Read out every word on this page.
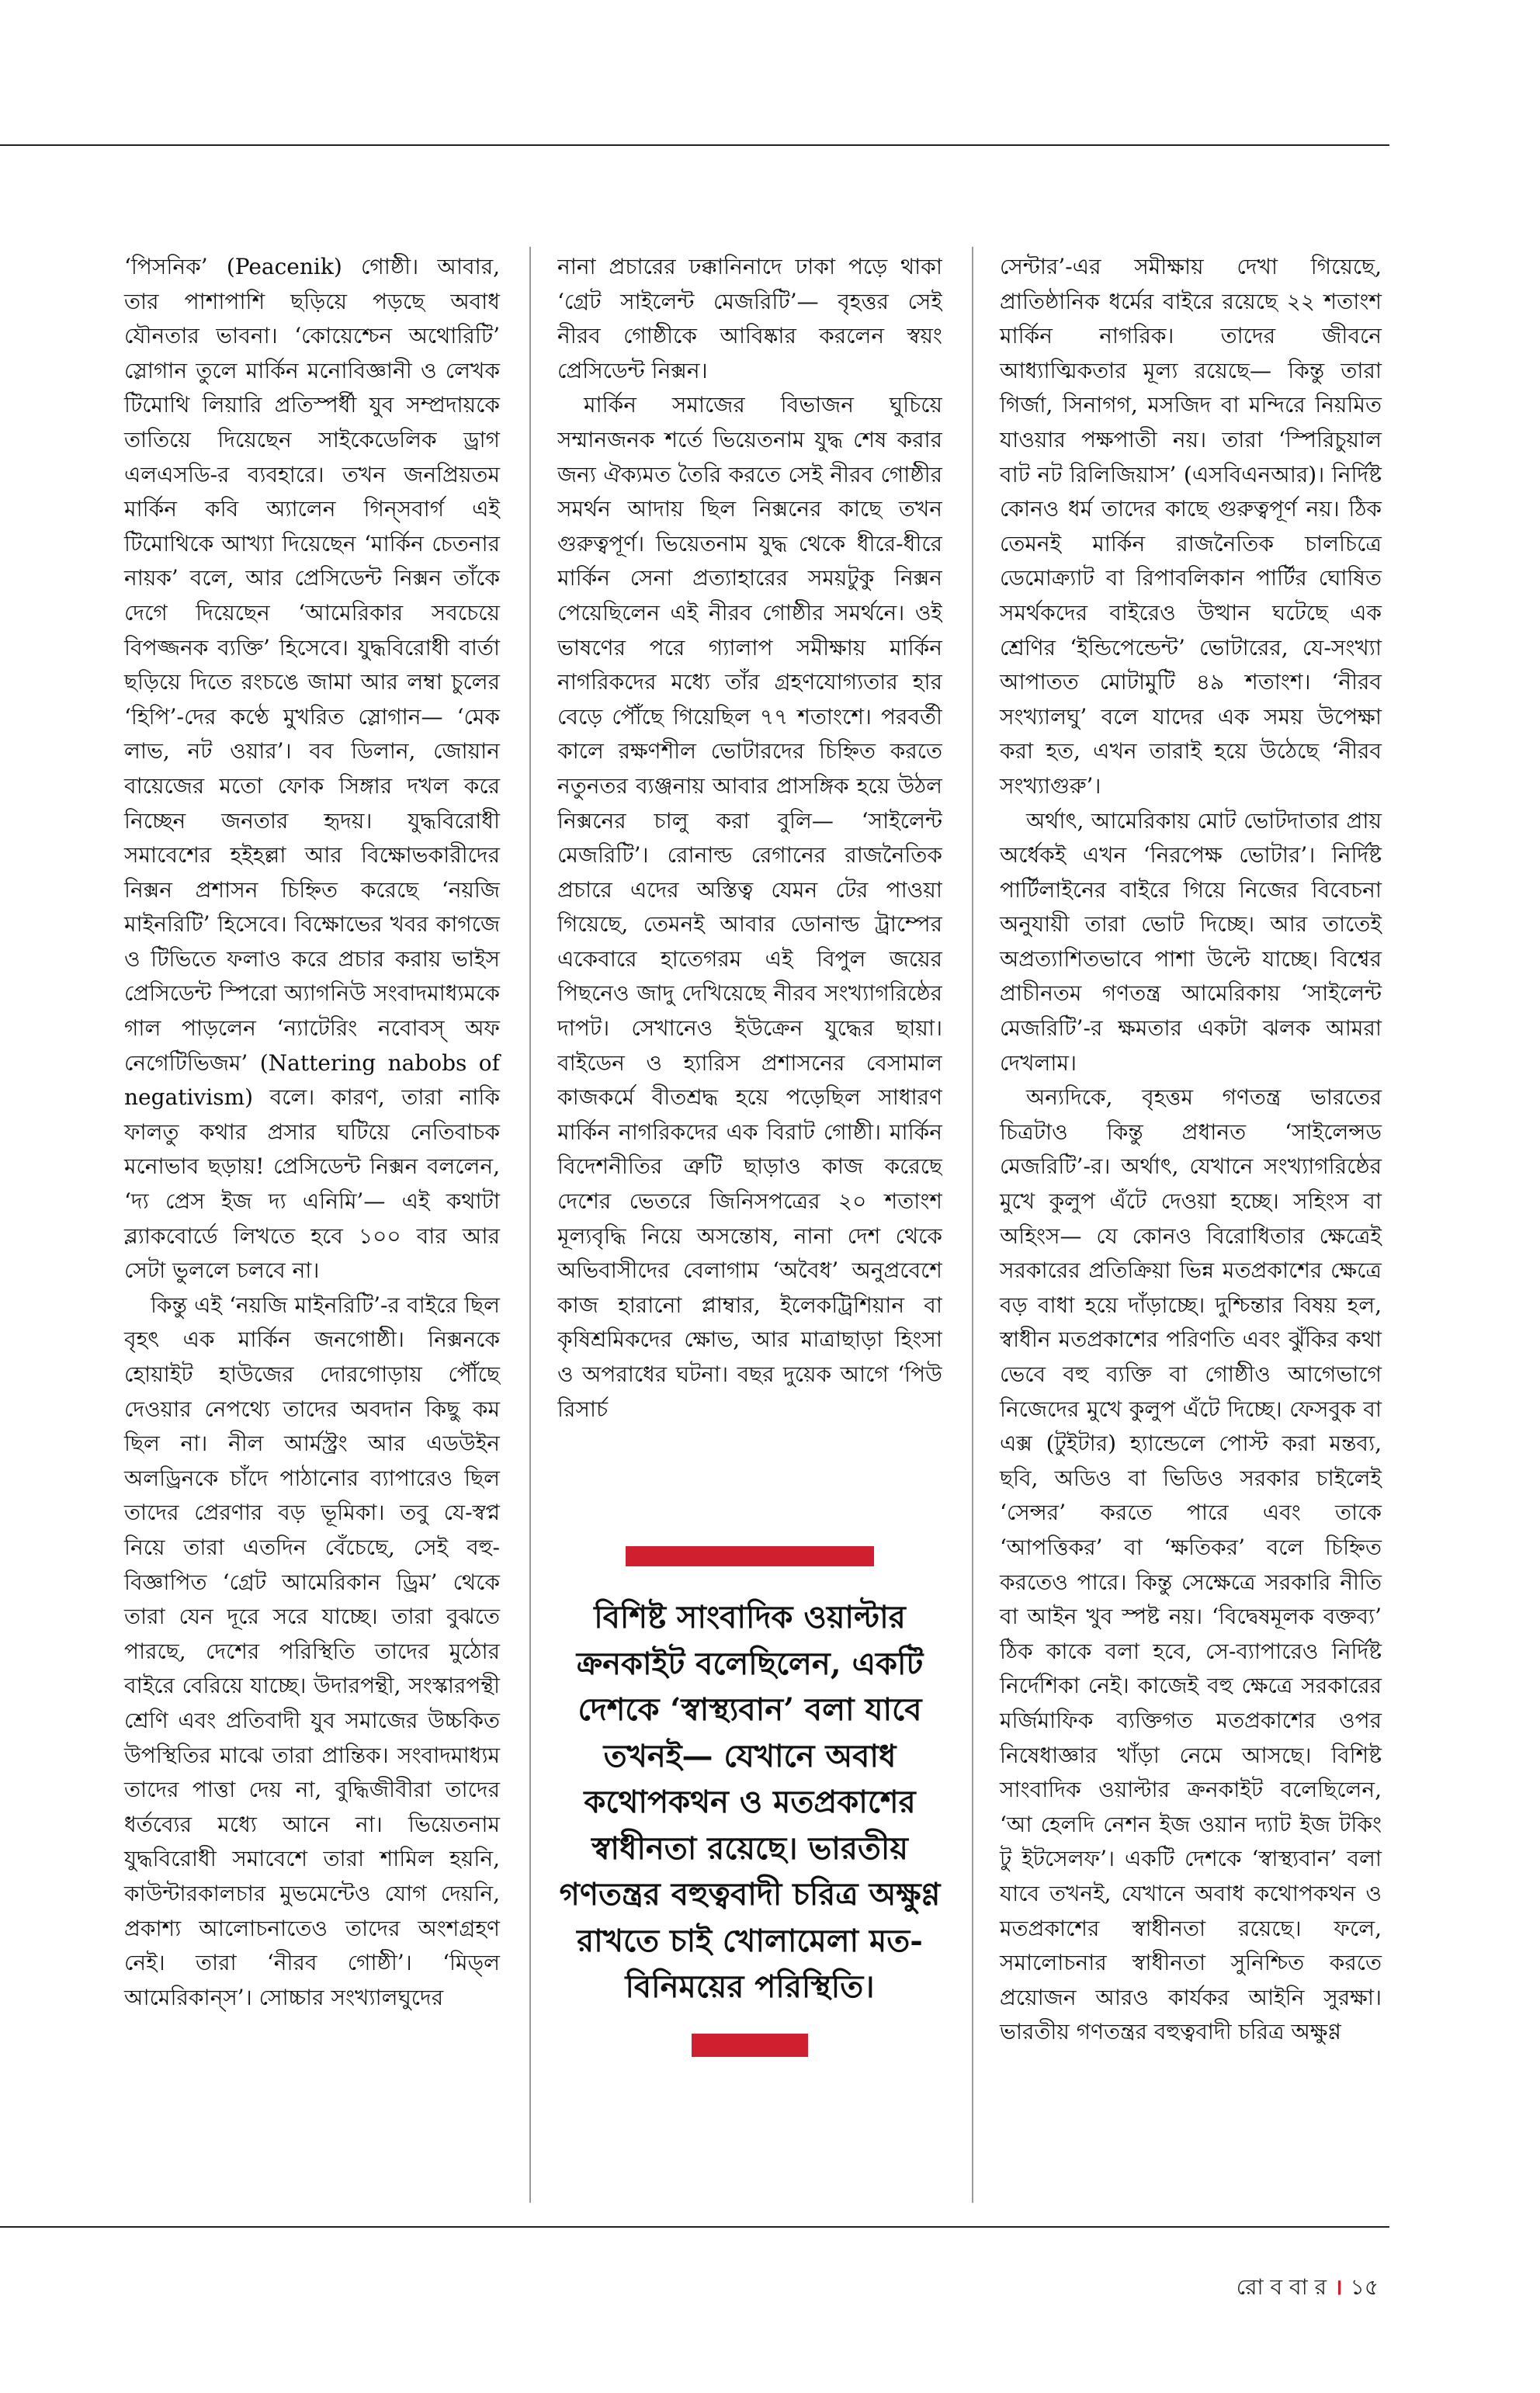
‘পিসনিক’ (Peacenik) গোষ্ঠী। আবার, তার পাশাপাশি ছড়িয়ে পড়ছে অবাধ যৌনতার ভাবনা। ‘কোয়েশ্চেন অথোরিটি’ স্লোগান তুলে মার্কিন মনোবিজ্ঞানী ও লেখক টিমোথি লিয়ারি প্রতিস্পর্ধী যুব সম্প্রদায়কে তাতিয়ে দিয়েছেন সাইকেডেলিক ড্রাগ এলএসডি-র ব্যবহারে। তখন জনপ্রিয়তম মার্কিন কবি অ্যালেন গিন্‌সবার্গ এই টিমোথিকে আখ্যা দিয়েছেন ‘মার্কিন চেতনার নায়ক’ বলে, আর প্রেসিডেন্ট নিক্সন তাঁকে দেগে দিয়েছেন ‘আমেরিকার সবচেয়ে বিপজ্জনক ব্যক্তি’ হিসেবে। যুদ্ধবিরোধী বার্তা ছড়িয়ে দিতে রংচঙে জামা আর লম্বা চুলের ‘হিপি’-দের কণ্ঠে মুখরিত স্লোগান— ‘মেক লাভ, নট ওয়ার’। বব ডিলান, জোয়ান বায়েজের মতো ফোক সিঙ্গার দখল করে নিচ্ছেন জনতার হৃদয়। যুদ্ধবিরোধী সমাবেশের হইহল্লা আর বিক্ষোভকারীদের নিক্সন প্রশাসন চিহ্নিত করেছে ‘নয়জি মাইনরিটি’ হিসেবে। বিক্ষোভের খবর কাগজে ও টিভিতে ফলাও করে প্রচার করায় ভাইস প্রেসিডেন্ট স্পিরো অ্যাগনিউ সংবাদমাধ্যমকে গাল পাড়লেন ‘ন্যাটেরিং নবোবস্ অফ নেগেটিভিজম’ (Nattering nabobs of negativism) বলে। কারণ, তারা নাকি ফালতু কথার প্রসার ঘটিয়ে নেতিবাচক মনোভাব ছড়ায়! প্রেসিডেন্ট নিক্সন বললেন, ‘দ্য প্রেস ইজ দ্য এনিমি’— এই কথাটা ব্ল্যাকবোর্ডে লিখতে হবে ১০০ বার আর সেটা ভুললে চলবে না।

কিন্তু এই ‘নয়জি মাইনরিটি’-র বাইরে ছিল বৃহৎ এক মার্কিন জনগোষ্ঠী। নিক্সনকে হোয়াইট হাউজের দোরগোড়ায় পৌঁছে দেওয়ার নেপথ্যে তাদের অবদান কিছু কম ছিল না। নীল আর্মস্ট্রং আর এডউইন অলড্রিনকে চাঁদে পাঠানোর ব্যাপারেও ছিল তাদের প্রেরণার বড় ভূমিকা। তবু যে-স্বপ্ন নিয়ে তারা এতদিন বেঁচেছে, সেই বহু-বিজ্ঞাপিত ‘গ্রেট আমেরিকান ড্রিম’ থেকে তারা যেন দূরে সরে যাচ্ছে। তারা বুঝতে পারছে, দেশের পরিস্থিতি তাদের মুঠোর বাইরে বেরিয়ে যাচ্ছে। উদারপন্থী, সংস্কারপন্থী শ্রেণি এবং প্রতিবাদী যুব সমাজের উচ্চকিত উপস্থিতির মাঝে তারা প্রান্তিক। সংবাদমাধ্যম তাদের পাত্তা দেয় না, বুদ্ধিজীবীরা তাদের ধর্তব্যের মধ্যে আনে না। ভিয়েতনাম যুদ্ধবিরোধী সমাবেশে তারা শামিল হয়নি, কাউন্টারকালচার মুভমেন্টেও যোগ দেয়নি, প্রকাশ্য আলোচনাতেও তাদের অংশগ্রহণ নেই। তারা ‘নীরব গোষ্ঠী’। ‘মিড্‌ল আমেরিকান্‌স’। সোচ্চার সংখ্যালঘুদের

নানা প্রচারের ঢক্কানিনাদে ঢাকা পড়ে থাকা ‘গ্রেট সাইলেন্ট মেজরিটি’— বৃহত্তর সেই নীরব গোষ্ঠীকে আবিষ্কার করলেন স্বয়ং প্রেসিডেন্ট নিক্সন।

মার্কিন সমাজের বিভাজন ঘুচিয়ে সম্মানজনক শর্তে ভিয়েতনাম যুদ্ধ শেষ করার জন্য ঐক্যমত তৈরি করতে সেই নীরব গোষ্ঠীর সমর্থন আদায় ছিল নিক্সনের কাছে তখন গুরুত্বপূর্ণ। ভিয়েতনাম যুদ্ধ থেকে ধীরে-ধীরে মার্কিন সেনা প্রত্যাহারের সময়টুকু নিক্সন পেয়েছিলেন এই নীরব গোষ্ঠীর সমর্থনে। ওই ভাষণের পরে গ্যালাপ সমীক্ষায় মার্কিন নাগরিকদের মধ্যে তাঁর গ্রহণযোগ্যতার হার বেড়ে পৌঁছে গিয়েছিল ৭৭ শতাংশে। পরবর্তী কালে রক্ষণশীল ভোটারদের চিহ্নিত করতে নতুনতর ব্যঞ্জনায় আবার প্রাসঙ্গিক হয়ে উঠল নিক্সনের চালু করা বুলি— ‘সাইলেন্ট মেজরিটি’। রোনাল্ড রেগানের রাজনৈতিক প্রচারে এদের অস্তিত্ব যেমন টের পাওয়া গিয়েছে, তেমনই আবার ডোনাল্ড ট্রাম্পের একেবারে হাতেগরম এই বিপুল জয়ের পিছনেও জাদু দেখিয়েছে নীরব সংখ্যাগরিষ্ঠের দাপট। সেখানেও ইউক্রেন যুদ্ধের ছায়া। বাইডেন ও হ্যারিস প্রশাসনের বেসামাল কাজকর্মে বীতশ্রদ্ধ হয়ে পড়েছিল সাধারণ মার্কিন নাগরিকদের এক বিরাট গোষ্ঠী। মার্কিন বিদেশনীতির ত্রুটি ছাড়াও কাজ করেছে দেশের ভেতরে জিনিসপত্রের ২০ শতাংশ মূল্যবৃদ্ধি নিয়ে অসন্তোষ, নানা দেশ থেকে অভিবাসীদের বেলাগাম ‘অবৈধ’ অনুপ্রবেশে কাজ হারানো প্লাম্বার, ইলেকট্রিশিয়ান বা কৃষিশ্রমিকদের ক্ষোভ, আর মাত্রাছাড়া হিংসা ও অপরাধের ঘটনা। বছর দুয়েক আগে ‘পিউ রিসার্চ

বিশিষ্ট সাংবাদিক ওয়াল্টার ক্রনকাইট বলেছিলেন, একটি দেশকে ‘স্বাস্থ্যবান’ বলা যাবে তখনই— যেখানে অবাধ কথোপকথন ও মতপ্রকাশের স্বাধীনতা রয়েছে। ভারতীয় গণতন্ত্রর বহুত্ববাদী চরিত্র অক্ষুণ্ণ রাখতে চাই খোলামেলা মত-বিনিময়ের পরিস্থিতি।

সেন্টার’-এর সমীক্ষায় দেখা গিয়েছে, প্রাতিষ্ঠানিক ধর্মের বাইরে রয়েছে ২২ শতাংশ মার্কিন নাগরিক। তাদের জীবনে আধ্যাত্মিকতার মূল্য রয়েছে— কিন্তু তারা গির্জা, সিনাগগ, মসজিদ বা মন্দিরে নিয়মিত যাওয়ার পক্ষপাতী নয়। তারা ‘স্পিরিচুয়াল বাট নট রিলিজিয়াস’ (এসবিএনআর)। নির্দিষ্ট কোনও ধর্ম তাদের কাছে গুরুত্বপূর্ণ নয়। ঠিক তেমনই মার্কিন রাজনৈতিক চালচিত্রে ডেমোক্র্যাট বা রিপাবলিকান পার্টির ঘোষিত সমর্থকদের বাইরেও উত্থান ঘটেছে এক শ্রেণির ‘ইন্ডিপেন্ডেন্ট’ ভোটারের, যে-সংখ্যা আপাতত মোটামুটি ৪৯ শতাংশ। ‘নীরব সংখ্যালঘু’ বলে যাদের এক সময় উপেক্ষা করা হত, এখন তারাই হয়ে উঠেছে ‘নীরব সংখ্যাগুরু’।

অর্থাৎ, আমেরিকায় মোট ভোটদাতার প্রায় অর্ধেকই এখন ‘নিরপেক্ষ ভোটার’। নির্দিষ্ট পার্টিলাইনের বাইরে গিয়ে নিজের বিবেচনা অনুযায়ী তারা ভোট দিচ্ছে। আর তাতেই অপ্রত্যাশিতভাবে পাশা উল্টে যাচ্ছে। বিশ্বের প্রাচীনতম গণতন্ত্র আমেরিকায় ‘সাইলেন্ট মেজরিটি’-র ক্ষমতার একটা ঝলক আমরা দেখলাম।

অন্যদিকে, বৃহত্তম গণতন্ত্র ভারতের চিত্রটাও কিন্তু প্রধানত ‘সাইলেন্সড মেজরিটি’-র। অর্থাৎ, যেখানে সংখ্যাগরিষ্ঠের মুখে কুলুপ এঁটে দেওয়া হচ্ছে। সহিংস বা অহিংস— যে কোনও বিরোধিতার ক্ষেত্রেই সরকারের প্রতিক্রিয়া ভিন্ন মতপ্রকাশের ক্ষেত্রে বড় বাধা হয়ে দাঁড়াচ্ছে। দুশ্চিন্তার বিষয় হল, স্বাধীন মতপ্রকাশের পরিণতি এবং ঝুঁকির কথা ভেবে বহু ব্যক্তি বা গোষ্ঠীও আগেভাগে নিজেদের মুখে কুলুপ এঁটে দিচ্ছে। ফেসবুক বা এক্স (টুইটার) হ্যান্ডেলে পোস্ট করা মন্তব্য, ছবি, অডিও বা ভিডিও সরকার চাইলেই ‘সেন্সর’ করতে পারে এবং তাকে ‘আপত্তিকর’ বা ‘ক্ষতিকর’ বলে চিহ্নিত করতেও পারে। কিন্তু সেক্ষেত্রে সরকারি নীতি বা আইন খুব স্পষ্ট নয়। ‘বিদ্বেষমূলক বক্তব্য’ ঠিক কাকে বলা হবে, সে-ব্যাপারেও নির্দিষ্ট নির্দেশিকা নেই। কাজেই বহু ক্ষেত্রে সরকারের মর্জিমাফিক ব্যক্তিগত মতপ্রকাশের ওপর নিষেধাজ্ঞার খাঁড়া নেমে আসছে। বিশিষ্ট সাংবাদিক ওয়াল্টার ক্রনকাইট বলেছিলেন, ‘আ হেলদি নেশন ইজ ওয়ান দ্যাট ইজ টকিং টু ইটসেলফ’। একটি দেশকে ‘স্বাস্থ্যবান’ বলা যাবে তখনই, যেখানে অবাধ কথোপকথন ও মতপ্রকাশের স্বাধীনতা রয়েছে। ফলে, সমালোচনার স্বাধীনতা সুনিশ্চিত করতে প্রয়োজন আরও কার্যকর আইনি সুরক্ষা। ভারতীয় গণতন্ত্রর বহুত্ববাদী চরিত্র অক্ষুণ্ণ

রো ব বা র । ১৫
